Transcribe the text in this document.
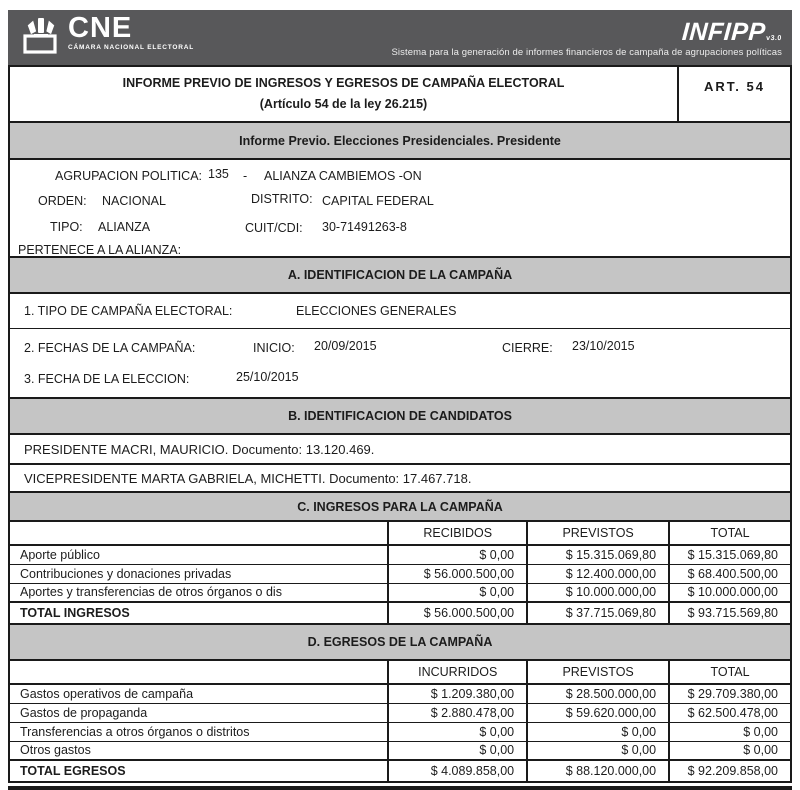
CNE
CÁMARA NACIONAL ELECTORAL
INFIPPv3.0
Sistema para la generación de informes financieros de campaña de agrupaciones políticas
INFORME PREVIO DE INGRESOS Y EGRESOS DE CAMPAÑA ELECTORAL
(Artículo 54 de la ley 26.215)
ART. 54
Informe Previo. Elecciones Presidenciales. Presidente
AGRUPACION POLITICA: 135 - ALIANZA CAMBIEMOS -ON
ORDEN: NACIONAL	DISTRITO: CAPITAL FEDERAL
TIPO: ALIANZA	CUIT/CDI: 30-71491263-8
PERTENECE A LA ALIANZA:
A. IDENTIFICACION DE LA CAMPAÑA
1. TIPO DE CAMPAÑA ELECTORAL:	ELECCIONES GENERALES
2. FECHAS DE LA CAMPAÑA:	INICIO: 20/09/2015	CIERRE: 23/10/2015
3. FECHA DE LA ELECCION:	25/10/2015
B. IDENTIFICACION DE CANDIDATOS
PRESIDENTE MACRI, MAURICIO. Documento: 13.120.469.
VICEPRESIDENTE MARTA GABRIELA, MICHETTI. Documento: 17.467.718.
C. INGRESOS PARA LA CAMPAÑA
	RECIBIDOS	PREVISTOS	TOTAL
Aporte público	$ 0,00	$ 15.315.069,80	$ 15.315.069,80
Contribuciones y donaciones privadas	$ 56.000.500,00	$ 12.400.000,00	$ 68.400.500,00
Aportes y transferencias de otros órganos o dis	$ 0,00	$ 10.000.000,00	$ 10.000.000,00
TOTAL INGRESOS	$ 56.000.500,00	$ 37.715.069,80	$ 93.715.569,80
D. EGRESOS DE LA CAMPAÑA
	INCURRIDOS	PREVISTOS	TOTAL
Gastos operativos de campaña	$ 1.209.380,00	$ 28.500.000,00	$ 29.709.380,00
Gastos de propaganda	$ 2.880.478,00	$ 59.620.000,00	$ 62.500.478,00
Transferencias a otros órganos o distritos	$ 0,00	$ 0,00	$ 0,00
Otros gastos	$ 0,00	$ 0,00	$ 0,00
TOTAL EGRESOS	$ 4.089.858,00	$ 88.120.000,00	$ 92.209.858,00
